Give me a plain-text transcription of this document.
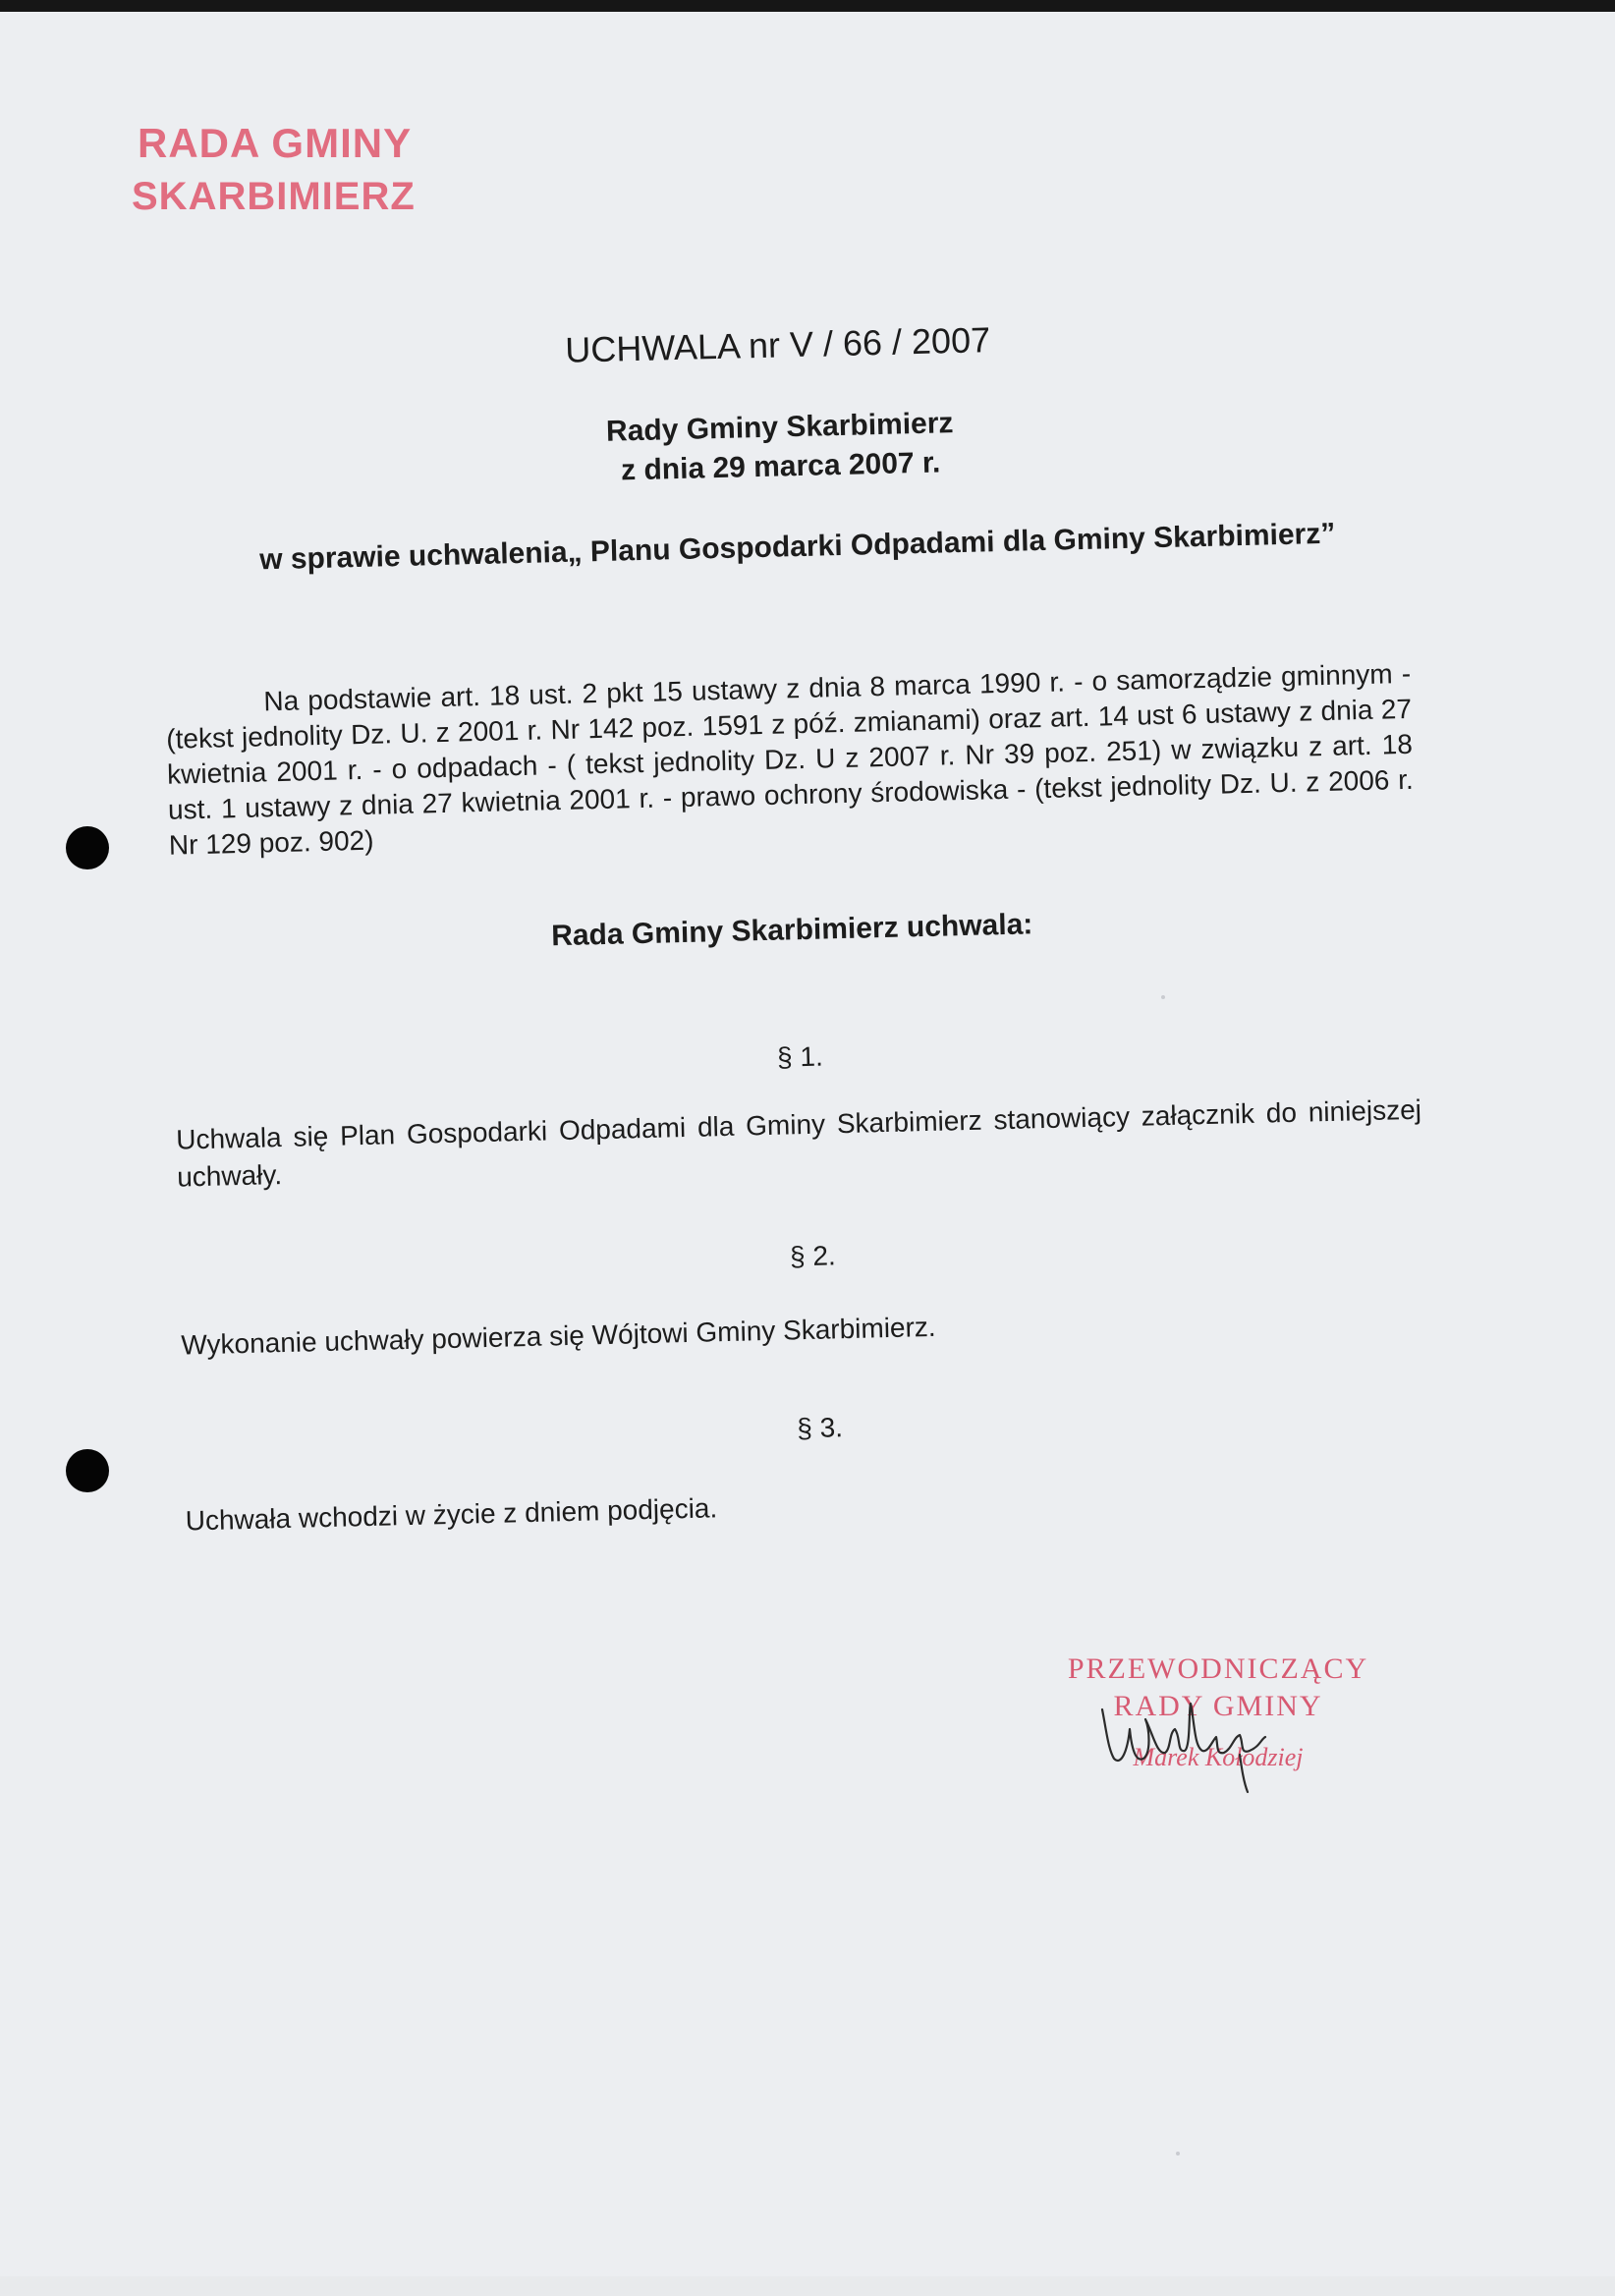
RADA GMINY
SKARBIMIERZ
UCHWALA nr V / 66 / 2007
Rady Gminy Skarbimierz
z dnia 29 marca 2007 r.
w sprawie uchwalenia„ Planu Gospodarki Odpadami dla Gminy Skarbimierz”
Na podstawie art. 18 ust. 2 pkt 15 ustawy z dnia 8 marca 1990 r. - o samorządzie gminnym - (tekst jednolity Dz. U. z 2001 r. Nr 142 poz. 1591 z póź. zmianami) oraz art. 14 ust 6 ustawy z dnia 27 kwietnia 2001 r. - o odpadach - ( tekst jednolity Dz. U z 2007 r. Nr 39 poz. 251) w związku z art. 18 ust. 1 ustawy z dnia 27 kwietnia 2001 r. - prawo ochrony środowiska - (tekst jednolity Dz. U. z 2006 r. Nr 129 poz. 902)
Rada Gminy Skarbimierz uchwala:
§ 1.
Uchwala się Plan Gospodarki Odpadami dla Gminy Skarbimierz stanowiący załącznik do niniejszej uchwały.
§ 2.
Wykonanie uchwały powierza się Wójtowi Gminy Skarbimierz.
§ 3.
Uchwała wchodzi w życie z dniem podjęcia.
PRZEWODNICZĄCY
RADY GMINY
Marek Kołodziej
